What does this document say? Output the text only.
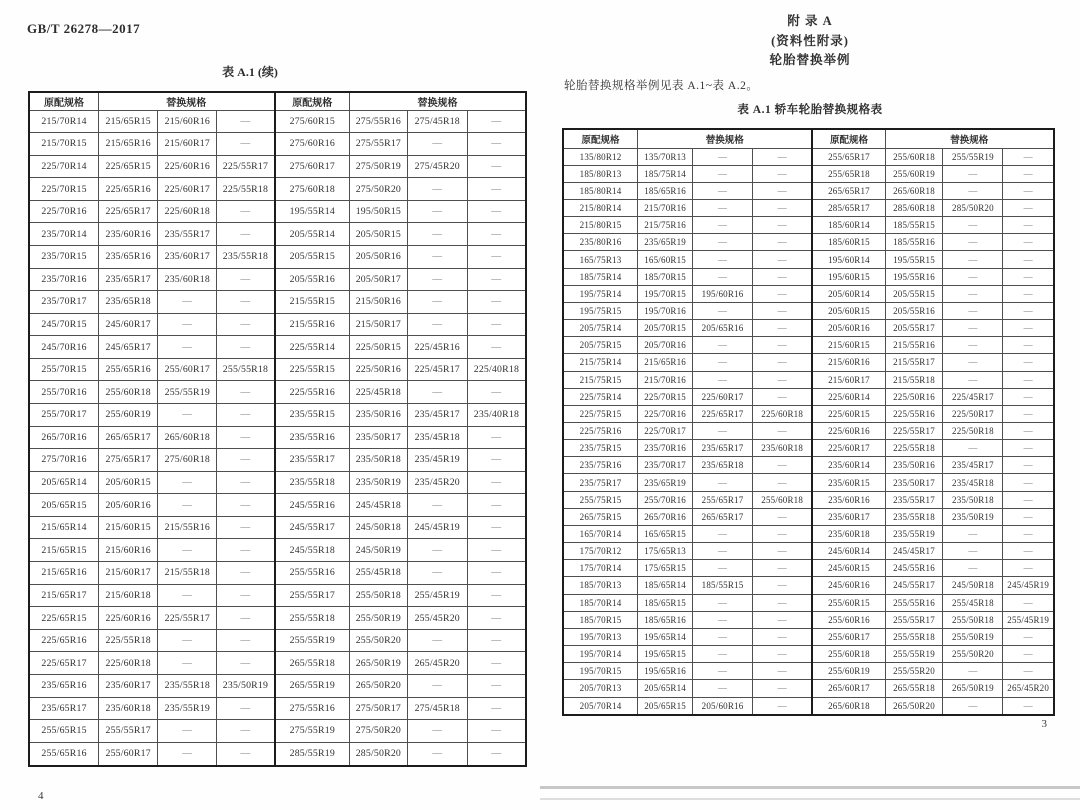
GB/T 26278—2017
表 A.1 (续)
原配规格	替换规格			原配规格	替换规格		
215/70R14	215/65R15	215/60R16	—	275/60R15	275/55R16	275/45R18	—
215/70R15	215/65R16	215/60R17	—	275/60R16	275/55R17	—	—
225/70R14	225/65R15	225/60R16	225/55R17	275/60R17	275/50R19	275/45R20	—
225/70R15	225/65R16	225/60R17	225/55R18	275/60R18	275/50R20	—	—
225/70R16	225/65R17	225/60R18	—	195/55R14	195/50R15	—	—
235/70R14	235/60R16	235/55R17	—	205/55R14	205/50R15	—	—
235/70R15	235/65R16	235/60R17	235/55R18	205/55R15	205/50R16	—	—
235/70R16	235/65R17	235/60R18	—	205/55R16	205/50R17	—	—
235/70R17	235/65R18	—	—	215/55R15	215/50R16	—	—
245/70R15	245/60R17	—	—	215/55R16	215/50R17	—	—
245/70R16	245/65R17	—	—	225/55R14	225/50R15	225/45R16	—
255/70R15	255/65R16	255/60R17	255/55R18	225/55R15	225/50R16	225/45R17	225/40R18
255/70R16	255/60R18	255/55R19	—	225/55R16	225/45R18	—	—
255/70R17	255/60R19	—	—	235/55R15	235/50R16	235/45R17	235/40R18
265/70R16	265/65R17	265/60R18	—	235/55R16	235/50R17	235/45R18	—
275/70R16	275/65R17	275/60R18	—	235/55R17	235/50R18	235/45R19	—
205/65R14	205/60R15	—	—	235/55R18	235/50R19	235/45R20	—
205/65R15	205/60R16	—	—	245/55R16	245/45R18	—	—
215/65R14	215/60R15	215/55R16	—	245/55R17	245/50R18	245/45R19	—
215/65R15	215/60R16	—	—	245/55R18	245/50R19	—	—
215/65R16	215/60R17	215/55R18	—	255/55R16	255/45R18	—	—
215/65R17	215/60R18	—	—	255/55R17	255/50R18	255/45R19	—
225/65R15	225/60R16	225/55R17	—	255/55R18	255/50R19	255/45R20	—
225/65R16	225/55R18	—	—	255/55R19	255/50R20	—	—
225/65R17	225/60R18	—	—	265/55R18	265/50R19	265/45R20	—
235/65R16	235/60R17	235/55R18	235/50R19	265/55R19	265/50R20	—	—
235/65R17	235/60R18	235/55R19	—	275/55R16	275/50R17	275/45R18	—
255/65R15	255/55R17	—	—	275/55R19	275/50R20	—	—
255/65R16	255/60R17	—	—	285/55R19	285/50R20	—	—
4
附 录 A
(资料性附录)
轮胎替换举例
轮胎替换规格举例见表 A.1~表 A.2。
表 A.1 轿车轮胎替换规格表
原配规格	替换规格			原配规格	替换规格		
135/80R12	135/70R13	—	—	255/65R17	255/60R18	255/55R19	—
185/80R13	185/75R14	—	—	255/65R18	255/60R19	—	—
185/80R14	185/65R16	—	—	265/65R17	265/60R18	—	—
215/80R14	215/70R16	—	—	285/65R17	285/60R18	285/50R20	—
215/80R15	215/75R16	—	—	185/60R14	185/55R15	—	—
235/80R16	235/65R19	—	—	185/60R15	185/55R16	—	—
165/75R13	165/60R15	—	—	195/60R14	195/55R15	—	—
185/75R14	185/70R15	—	—	195/60R15	195/55R16	—	—
195/75R14	195/70R15	195/60R16	—	205/60R14	205/55R15	—	—
195/75R15	195/70R16	—	—	205/60R15	205/55R16	—	—
205/75R14	205/70R15	205/65R16	—	205/60R16	205/55R17	—	—
205/75R15	205/70R16	—	—	215/60R15	215/55R16	—	—
215/75R14	215/65R16	—	—	215/60R16	215/55R17	—	—
215/75R15	215/70R16	—	—	215/60R17	215/55R18	—	—
225/75R14	225/70R15	225/60R17	—	225/60R14	225/50R16	225/45R17	—
225/75R15	225/70R16	225/65R17	225/60R18	225/60R15	225/55R16	225/50R17	—
225/75R16	225/70R17	—	—	225/60R16	225/55R17	225/50R18	—
235/75R15	235/70R16	235/65R17	235/60R18	225/60R17	225/55R18	—	—
235/75R16	235/70R17	235/65R18	—	235/60R14	235/50R16	235/45R17	—
235/75R17	235/65R19	—	—	235/60R15	235/50R17	235/45R18	—
255/75R15	255/70R16	255/65R17	255/60R18	235/60R16	235/55R17	235/50R18	—
265/75R15	265/70R16	265/65R17	—	235/60R17	235/55R18	235/50R19	—
165/70R14	165/65R15	—	—	235/60R18	235/55R19	—	—
175/70R12	175/65R13	—	—	245/60R14	245/45R17	—	—
175/70R14	175/65R15	—	—	245/60R15	245/55R16	—	—
185/70R13	185/65R14	185/55R15	—	245/60R16	245/55R17	245/50R18	245/45R19
185/70R14	185/65R15	—	—	255/60R15	255/55R16	255/45R18	—
185/70R15	185/65R16	—	—	255/60R16	255/55R17	255/50R18	255/45R19
195/70R13	195/65R14	—	—	255/60R17	255/55R18	255/50R19	—
195/70R14	195/65R15	—	—	255/60R18	255/55R19	255/50R20	—
195/70R15	195/65R16	—	—	255/60R19	255/55R20	—	—
205/70R13	205/65R14	—	—	265/60R17	265/55R18	265/50R19	265/45R20
205/70R14	205/65R15	205/60R16	—	265/60R18	265/50R20	—	—
3
